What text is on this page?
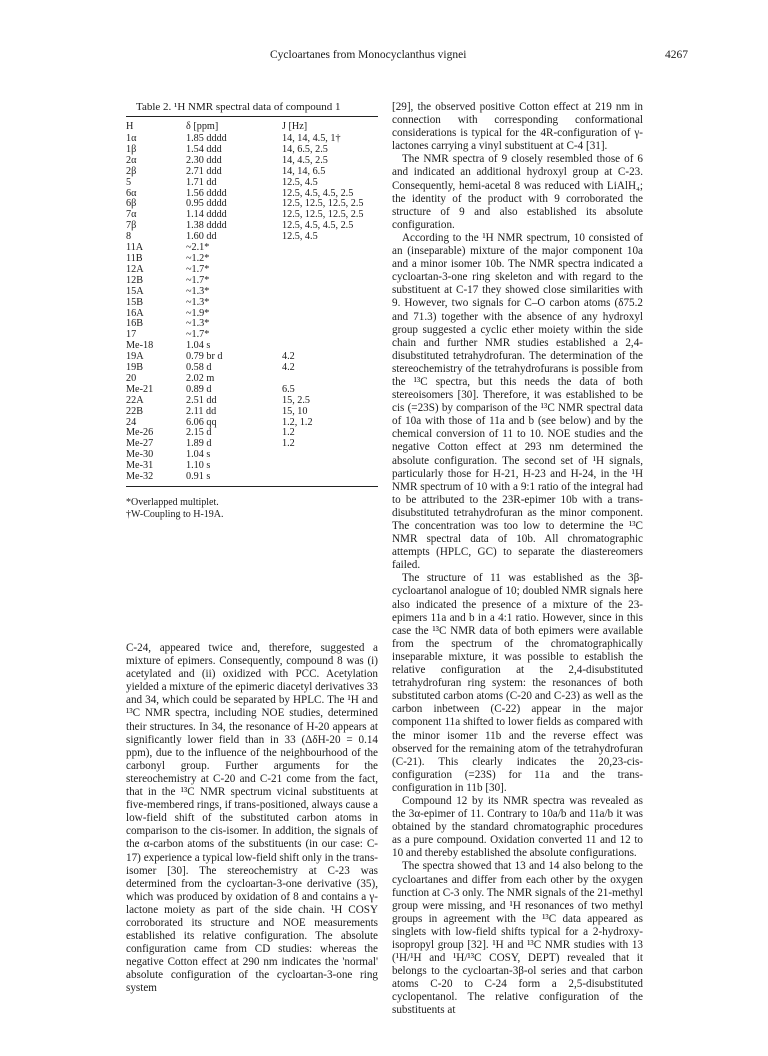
Cycloartanes from Monocyclanthus vignei	4267
Table 2. ¹H NMR spectral data of compound 1
H	δ [ppm]	J [Hz]
1α	1.85 dddd	14, 14, 4.5, 1†
1β	1.54 ddd	14, 6.5, 2.5
2α	2.30 ddd	14, 4.5, 2.5
2β	2.71 ddd	14, 14, 6.5
5	1.71 dd	12.5, 4.5
6α	1.56 dddd	12.5, 4.5, 4.5, 2.5
6β	0.95 dddd	12.5, 12.5, 12.5, 2.5
7α	1.14 dddd	12.5, 12.5, 12.5, 2.5
7β	1.38 dddd	12.5, 4.5, 4.5, 2.5
8	1.60 dd	12.5, 4.5
11A	~2.1*	
11B	~1.2*	
12A	~1.7*	
12B	~1.7*	
15A	~1.3*	
15B	~1.3*	
16A	~1.9*	
16B	~1.3*	
17	~1.7*	
Me-18	1.04 s	
19A	0.79 br d	4.2
19B	0.58 d	4.2
20	2.02 m	
Me-21	0.89 d	6.5
22A	2.51 dd	15, 2.5
22B	2.11 dd	15, 10
24	6.06 qq	1.2, 1.2
Me-26	2.15 d	1.2
Me-27	1.89 d	1.2
Me-30	1.04 s	
Me-31	1.10 s	
Me-32	0.91 s	
*Overlapped multiplet.
†W-Coupling to H-19A.

C-24, appeared twice and, therefore, suggested a mixture of epimers. Consequently, compound 8 was (i) acetylated and (ii) oxidized with PCC. Acetylation yielded a mixture of the epimeric diacetyl derivatives 33 and 34, which could be separated by HPLC. The ¹H and ¹³C NMR spectra, including NOE studies, determined their structures. In 34, the resonance of H-20 appears at significantly lower field than in 33 (ΔδH-20 = 0.14 ppm), due to the influence of the neighbourhood of the carbonyl group. Further arguments for the stereochemistry at C-20 and C-21 come from the fact, that in the ¹³C NMR spectrum vicinal substituents at five-membered rings, if trans-positioned, always cause a low-field shift of the substituted carbon atoms in comparison to the cis-isomer. In addition, the signals of the α-carbon atoms of the substituents (in our case: C-17) experience a typical low-field shift only in the trans-isomer [30]. The stereochemistry at C-23 was determined from the cycloartan-3-one derivative (35), which was produced by oxidation of 8 and contains a γ-lactone moiety as part of the side chain. ¹H COSY corroborated its structure and NOE measurements established its relative configuration. The absolute configuration came from CD studies: whereas the negative Cotton effect at 290 nm indicates the 'normal' absolute configuration of the cycloartan-3-one ring system

[29], the observed positive Cotton effect at 219 nm in connection with corresponding conformational considerations is typical for the 4R-configuration of γ-lactones carrying a vinyl substituent at C-4 [31].

The NMR spectra of 9 closely resembled those of 6 and indicated an additional hydroxyl group at C-23. Consequently, hemi-acetal 8 was reduced with LiAlH₄; the identity of the product with 9 corroborated the structure of 9 and also established its absolute configuration.

According to the ¹H NMR spectrum, 10 consisted of an (inseparable) mixture of the major component 10a and a minor isomer 10b. The NMR spectra indicated a cycloartan-3-one ring skeleton and with regard to the substituent at C-17 they showed close similarities with 9. However, two signals for C–O carbon atoms (δ75.2 and 71.3) together with the absence of any hydroxyl group suggested a cyclic ether moiety within the side chain and further NMR studies established a 2,4-disubstituted tetrahydrofuran. The determination of the stereochemistry of the tetrahydrofurans is possible from the ¹³C spectra, but this needs the data of both stereoisomers [30]. Therefore, it was established to be cis (=23S) by comparison of the ¹³C NMR spectral data of 10a with those of 11a and b (see below) and by the chemical conversion of 11 to 10. NOE studies and the negative Cotton effect at 293 nm determined the absolute configuration. The second set of ¹H signals, particularly those for H-21, H-23 and H-24, in the ¹H NMR spectrum of 10 with a 9:1 ratio of the integral had to be attributed to the 23R-epimer 10b with a trans-disubstituted tetrahydrofuran as the minor component. The concentration was too low to determine the ¹³C NMR spectral data of 10b. All chromatographic attempts (HPLC, GC) to separate the diastereomers failed.

The structure of 11 was established as the 3β-cycloartanol analogue of 10; doubled NMR signals here also indicated the presence of a mixture of the 23-epimers 11a and b in a 4:1 ratio. However, since in this case the ¹³C NMR data of both epimers were available from the spectrum of the chromatographically inseparable mixture, it was possible to establish the relative configuration at the 2,4-disubstituted tetrahydrofuran ring system: the resonances of both substituted carbon atoms (C-20 and C-23) as well as the carbon inbetween (C-22) appear in the major component 11a shifted to lower fields as compared with the minor isomer 11b and the reverse effect was observed for the remaining atom of the tetrahydrofuran (C-21). This clearly indicates the 20,23-cis-configuration (=23S) for 11a and the trans-configuration in 11b [30].

Compound 12 by its NMR spectra was revealed as the 3α-epimer of 11. Contrary to 10a/b and 11a/b it was obtained by the standard chromatographic procedures as a pure compound. Oxidation converted 11 and 12 to 10 and thereby established the absolute configurations.

The spectra showed that 13 and 14 also belong to the cycloartanes and differ from each other by the oxygen function at C-3 only. The NMR signals of the 21-methyl group were missing, and ¹H resonances of two methyl groups in agreement with the ¹³C data appeared as singlets with low-field shifts typical for a 2-hydroxy-isopropyl group [32]. ¹H and ¹³C NMR studies with 13 (¹H/¹H and ¹H/¹³C COSY, DEPT) revealed that it belongs to the cycloartan-3β-ol series and that carbon atoms C-20 to C-24 form a 2,5-disubstituted cyclopentanol. The relative configuration of the substituents at
